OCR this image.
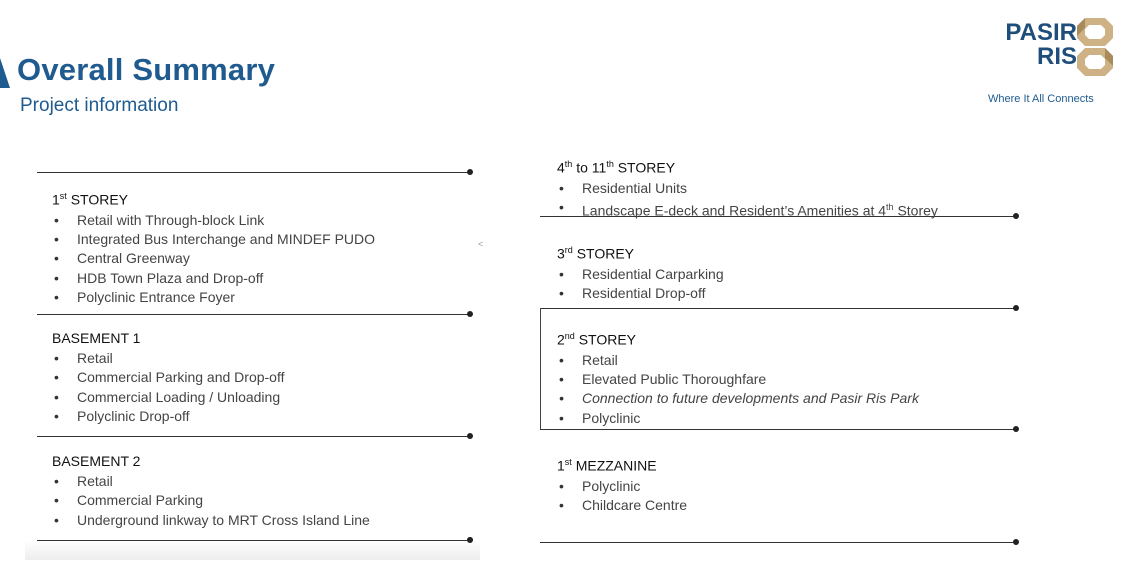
Overall Summary
Project information
PASIR
RIS
Where It All Connects
<
1st STOREY
• Retail with Through-block Link
• Integrated Bus Interchange and MINDEF PUDO
• Central Greenway
• HDB Town Plaza and Drop-off
• Polyclinic Entrance Foyer
BASEMENT 1
• Retail
• Commercial Parking and Drop-off
• Commercial Loading / Unloading
• Polyclinic Drop-off
BASEMENT 2
• Retail
• Commercial Parking
• Underground linkway to MRT Cross Island Line
4th to 11th STOREY
• Residential Units
• Landscape E-deck and Resident’s Amenities at 4th Storey
3rd STOREY
• Residential Carparking
• Residential Drop-off
2nd STOREY
• Retail
• Elevated Public Thoroughfare
• Connection to future developments and Pasir Ris Park
• Polyclinic
1st MEZZANINE
• Polyclinic
• Childcare Centre
